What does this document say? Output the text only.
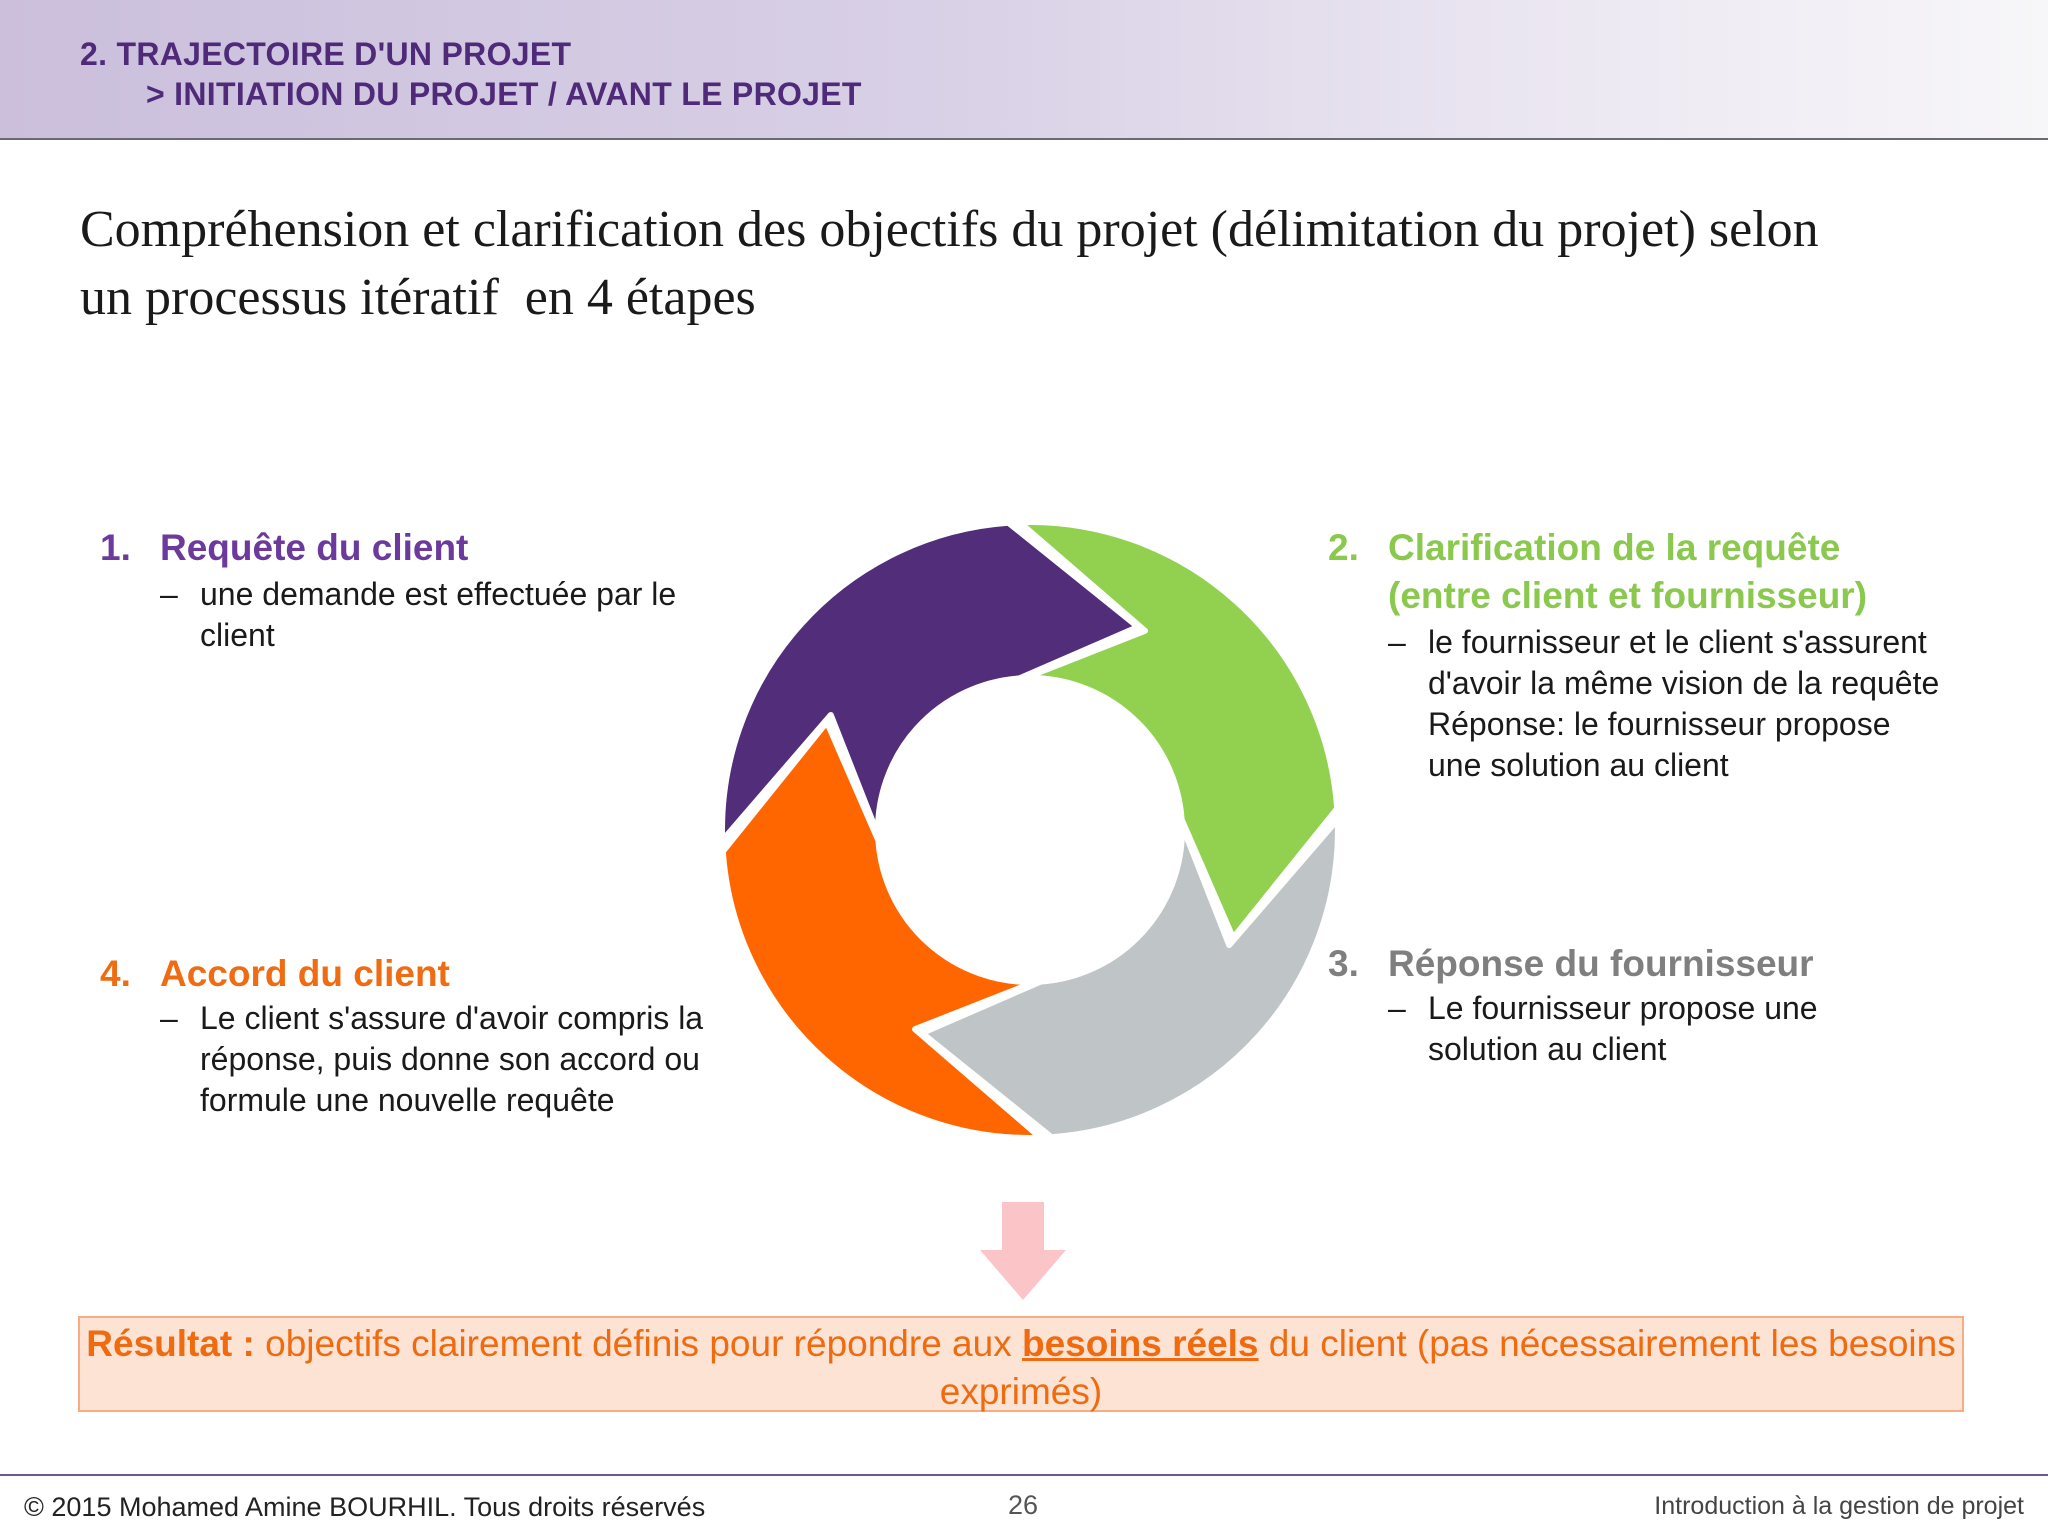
2. TRAJECTOIRE D'UN PROJET
> INITIATION DU PROJET / AVANT LE PROJET
Compréhension et clarification des objectifs du projet (délimitation du projet) selon
un processus itératif  en 4 étapes
1. Requête du client
– une demande est effectuée par le client
2. Clarification de la requête (entre client et fournisseur)
– le fournisseur et le client s'assurent d'avoir la même vision de la requête Réponse: le fournisseur propose une solution au client
3. Réponse du fournisseur
– Le fournisseur propose une solution au client
4. Accord du client
– Le client s'assure d'avoir compris la réponse, puis donne son accord ou formule une nouvelle requête
Résultat : objectifs clairement définis pour répondre aux besoins réels du client (pas nécessairement les besoins exprimés)
© 2015 Mohamed Amine BOURHIL. Tous droits réservés	26	Introduction à la gestion de projet
